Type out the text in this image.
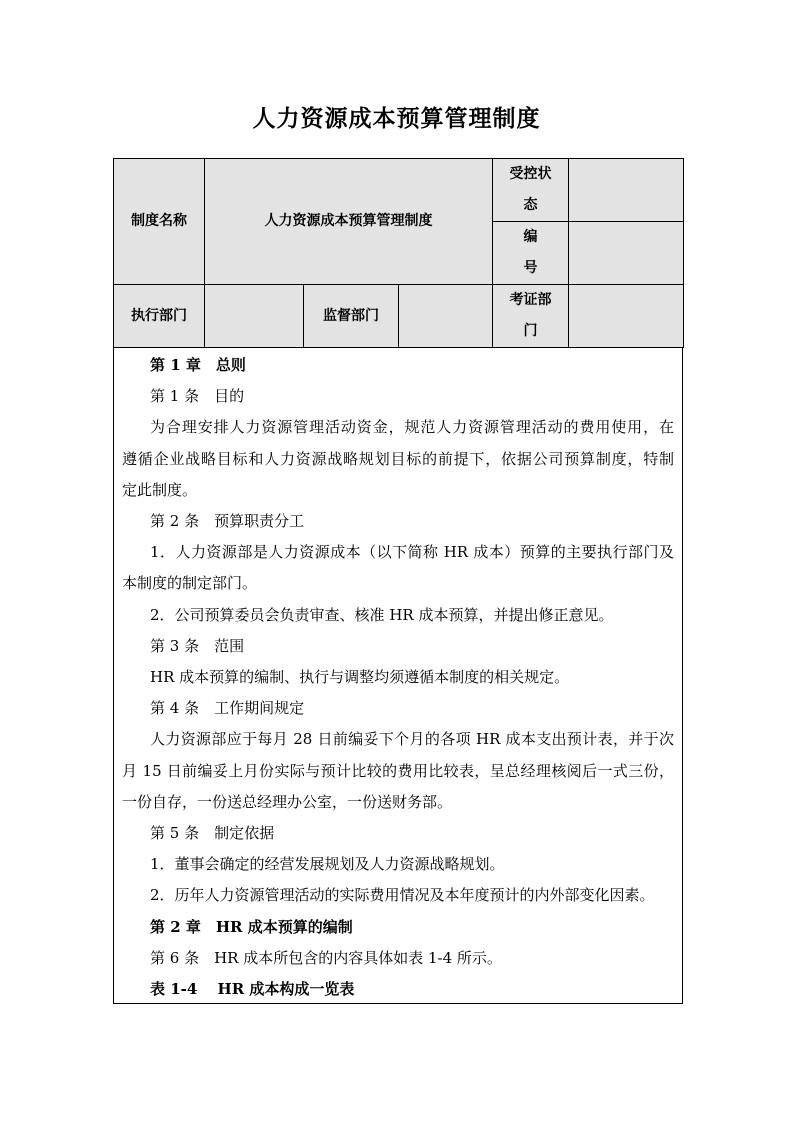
人力资源成本预算管理制度
制度名称	人力资源成本预算管理制度			受控状
态	

				编
号	

执行部门		监督部门		考证部
门	

第 1 章　总则
第 1 条　目的
为合理安排人力资源管理活动资金，规范人力资源管理活动的费用使用，在
遵循企业战略目标和人力资源战略规划目标的前提下，依据公司预算制度，特制
定此制度。
第 2 条　预算职责分工
1．人力资源部是人力资源成本（以下简称 HR 成本）预算的主要执行部门及
本制度的制定部门。
2．公司预算委员会负责审查、核准 HR 成本预算，并提出修正意见。
第 3 条　范围
HR 成本预算的编制、执行与调整均须遵循本制度的相关规定。
第 4 条　工作期间规定
人力资源部应于每月 28 日前编妥下个月的各项 HR 成本支出预计表，并于次
月 15 日前编妥上月份实际与预计比较的费用比较表，呈总经理核阅后一式三份，
一份自存，一份送总经理办公室，一份送财务部。
第 5 条　制定依据
1．董事会确定的经营发展规划及人力资源战略规划。
2．历年人力资源管理活动的实际费用情况及本年度预计的内外部变化因素。
第 2 章　HR 成本预算的编制
第 6 条　HR 成本所包含的内容具体如表 1-4 所示。
表 1-4　 HR 成本构成一览表
